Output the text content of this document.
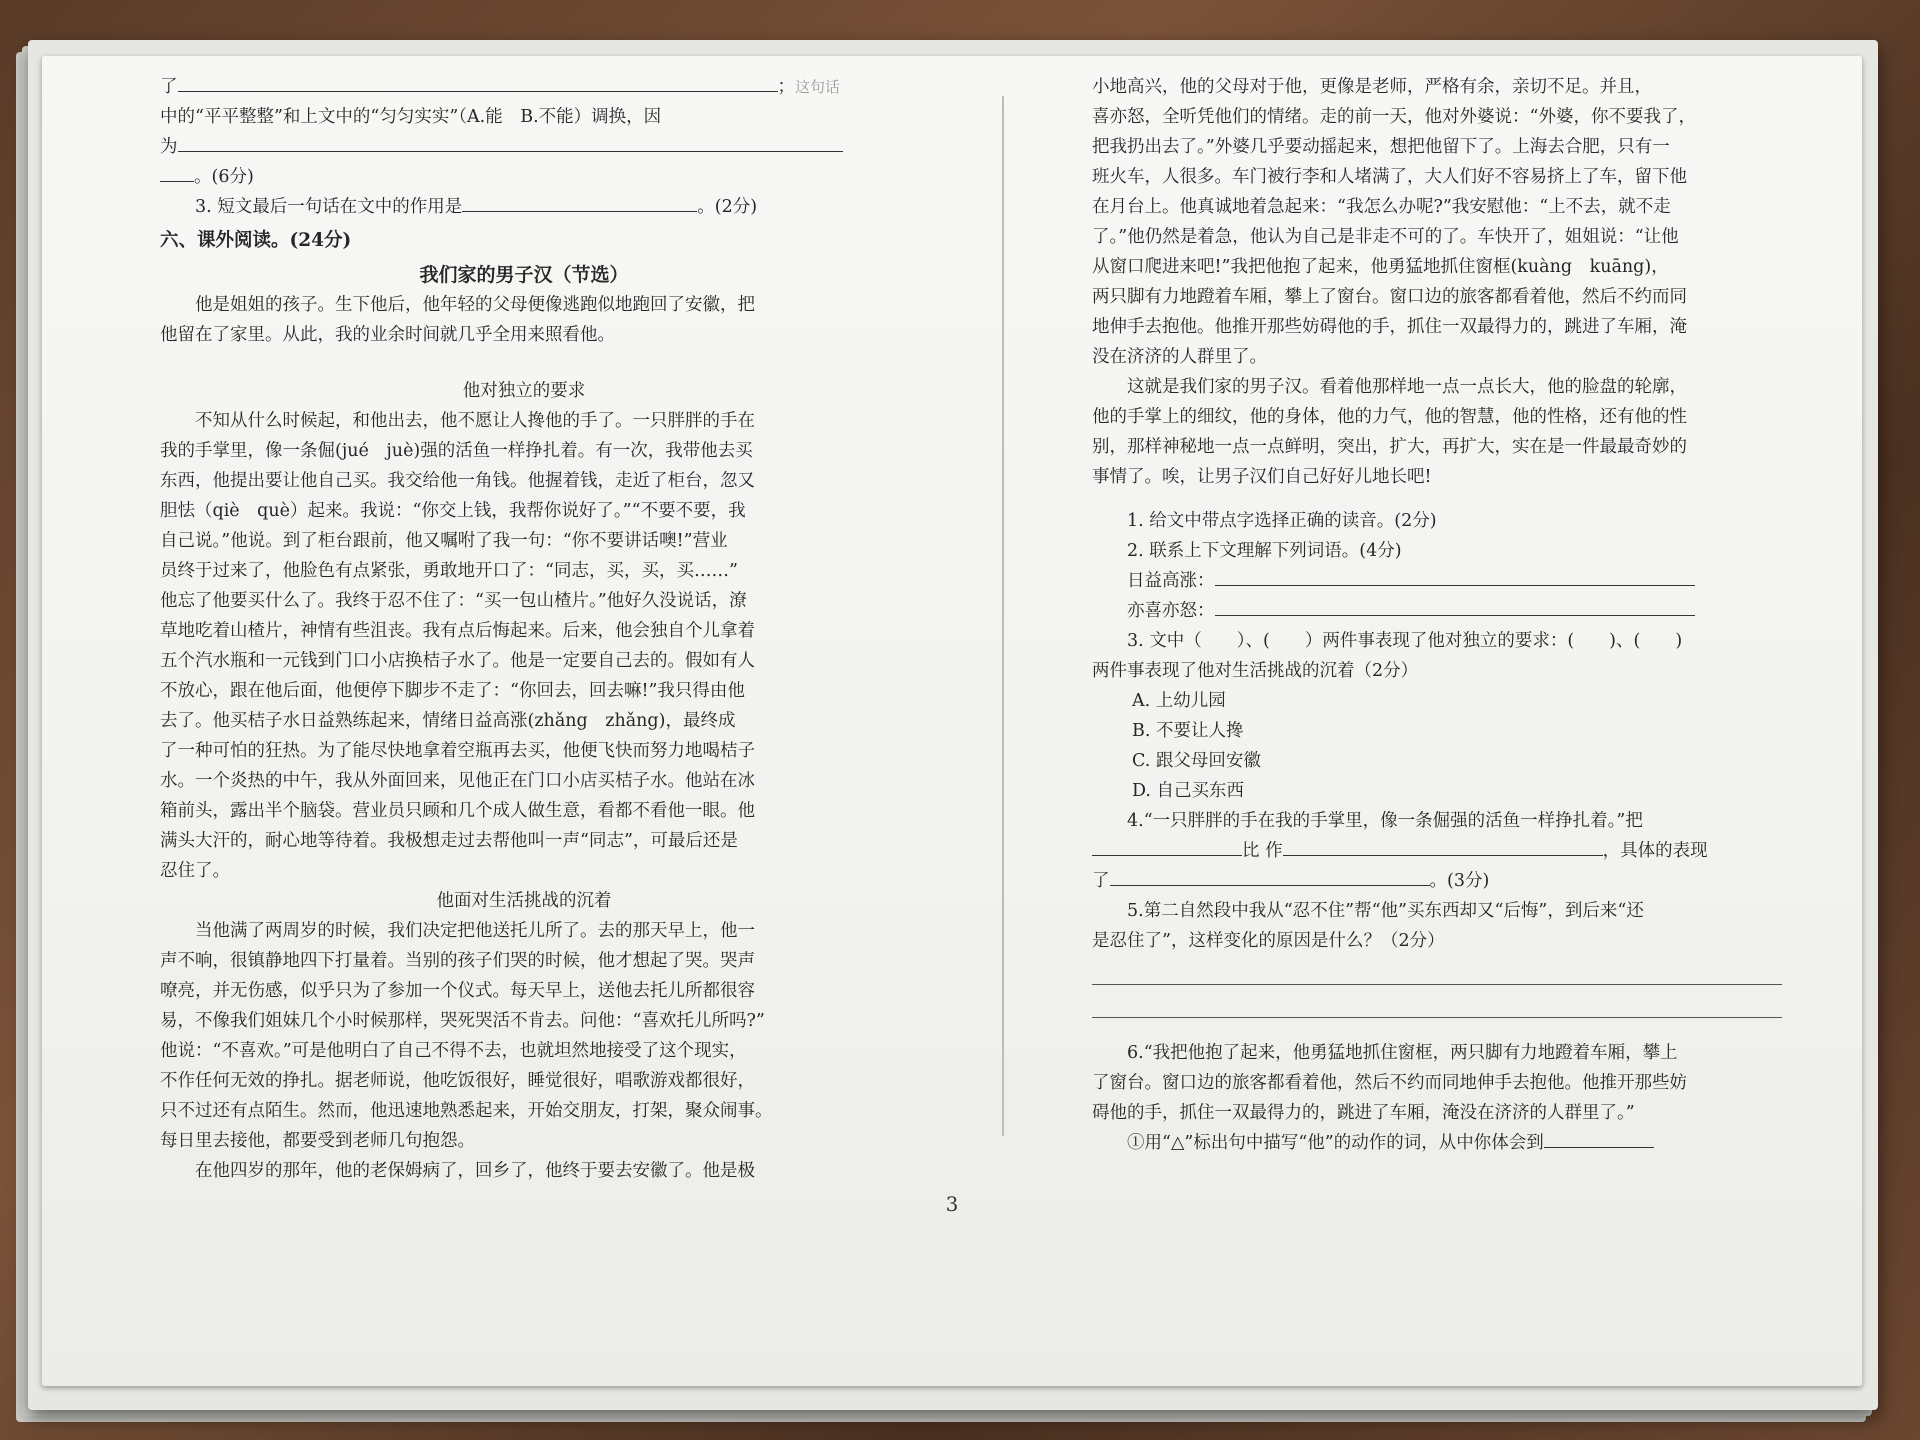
了	；这句话
中的“平平整整”和上文中的“匀匀实实”（A.能　B.不能）调换，因
为
。(6分)
3. 短文最后一句话在文中的作用是	。(2分)
六、课外阅读。(24分)
我们家的男子汉（节选）
他是姐姐的孩子。生下他后，他年轻的父母便像逃跑似地跑回了安徽，把
他留在了家里。从此，我的业余时间就几乎全用来照看他。
他对独立的要求
不知从什么时候起，和他出去，他不愿让人搀他的手了。一只胖胖的手在
我的手掌里，像一条倔(jué　juè)强的活鱼一样挣扎着。有一次，我带他去买
东西，他提出要让他自己买。我交给他一角钱。他握着钱，走近了柜台，忽又
胆怯（qiè　què）起来。我说：“你交上钱，我帮你说好了。”“不要不要，我
自己说。”他说。到了柜台跟前，他又嘱咐了我一句：“你不要讲话噢!”营业
员终于过来了，他脸色有点紧张，勇敢地开口了：“同志，买，买，买……”
他忘了他要买什么了。我终于忍不住了：“买一包山楂片。”他好久没说话，潦
草地吃着山楂片，神情有些沮丧。我有点后悔起来。后来，他会独自个儿拿着
五个汽水瓶和一元钱到门口小店换桔子水了。他是一定要自己去的。假如有人
不放心，跟在他后面，他便停下脚步不走了：“你回去，回去嘛!”我只得由他
去了。他买桔子水日益熟练起来，情绪日益高涨(zhǎng　zhǎng)，最终成
了一种可怕的狂热。为了能尽快地拿着空瓶再去买，他便飞快而努力地喝桔子
水。一个炎热的中午，我从外面回来，见他正在门口小店买桔子水。他站在冰
箱前头，露出半个脑袋。营业员只顾和几个成人做生意，看都不看他一眼。他
满头大汗的，耐心地等待着。我极想走过去帮他叫一声“同志”，可最后还是
忍住了。
他面对生活挑战的沉着
当他满了两周岁的时候，我们决定把他送托儿所了。去的那天早上，他一
声不响，很镇静地四下打量着。当别的孩子们哭的时候，他才想起了哭。哭声
嘹亮，并无伤感，似乎只为了参加一个仪式。每天早上，送他去托儿所都很容
易，不像我们姐妹几个小时候那样，哭死哭活不肯去。问他：“喜欢托儿所吗?”
他说：“不喜欢。”可是他明白了自己不得不去，也就坦然地接受了这个现实，
不作任何无效的挣扎。据老师说，他吃饭很好，睡觉很好，唱歌游戏都很好，
只不过还有点陌生。然而，他迅速地熟悉起来，开始交朋友，打架，聚众闹事。
每日里去接他，都要受到老师几句抱怨。
在他四岁的那年，他的老保姆病了，回乡了，他终于要去安徽了。他是极
小地高兴，他的父母对于他，更像是老师，严格有余，亲切不足。并且，
喜亦怒，全听凭他们的情绪。走的前一天，他对外婆说：“外婆，你不要我了，
把我扔出去了。”外婆几乎要动摇起来，想把他留下了。上海去合肥，只有一
班火车，人很多。车门被行李和人堵满了，大人们好不容易挤上了车，留下他
在月台上。他真诚地着急起来：“我怎么办呢?”我安慰他：“上不去，就不走
了。”他仍然是着急，他认为自己是非走不可的了。车快开了，姐姐说：“让他
从窗口爬进来吧!”我把他抱了起来，他勇猛地抓住窗框(kuàng　kuāng)，
两只脚有力地蹬着车厢，攀上了窗台。窗口边的旅客都看着他，然后不约而同
地伸手去抱他。他推开那些妨碍他的手，抓住一双最得力的，跳进了车厢，淹
没在济济的人群里了。
这就是我们家的男子汉。看着他那样地一点一点长大，他的脸盘的轮廓，
他的手掌上的细纹，他的身体，他的力气，他的智慧，他的性格，还有他的性
别，那样神秘地一点一点鲜明，突出，扩大，再扩大，实在是一件最最奇妙的
事情了。唉，让男子汉们自己好好儿地长吧!
1. 给文中带点字选择正确的读音。(2分)
2. 联系上下文理解下列词语。(4分)
日益高涨：
亦喜亦怒：
3. 文中（　　）、(　　）两件事表现了他对独立的要求：(　　)、(　　)
两件事表现了他对生活挑战的沉着（2分）
A. 上幼儿园
B. 不要让人搀
C. 跟父母回安徽
D. 自己买东西
4.“一只胖胖的手在我的手掌里，像一条倔强的活鱼一样挣扎着。”把
比 作	，具体的表现
了	。(3分)
5.第二自然段中我从“忍不住”帮“他”买东西却又“后悔”，到后来“还
是忍住了”，这样变化的原因是什么？（2分）
6.“我把他抱了起来，他勇猛地抓住窗框，两只脚有力地蹬着车厢，攀上
了窗台。窗口边的旅客都看着他，然后不约而同地伸手去抱他。他推开那些妨
碍他的手，抓住一双最得力的，跳进了车厢，淹没在济济的人群里了。”
①用“△”标出句中描写“他”的动作的词，从中你体会到
3
